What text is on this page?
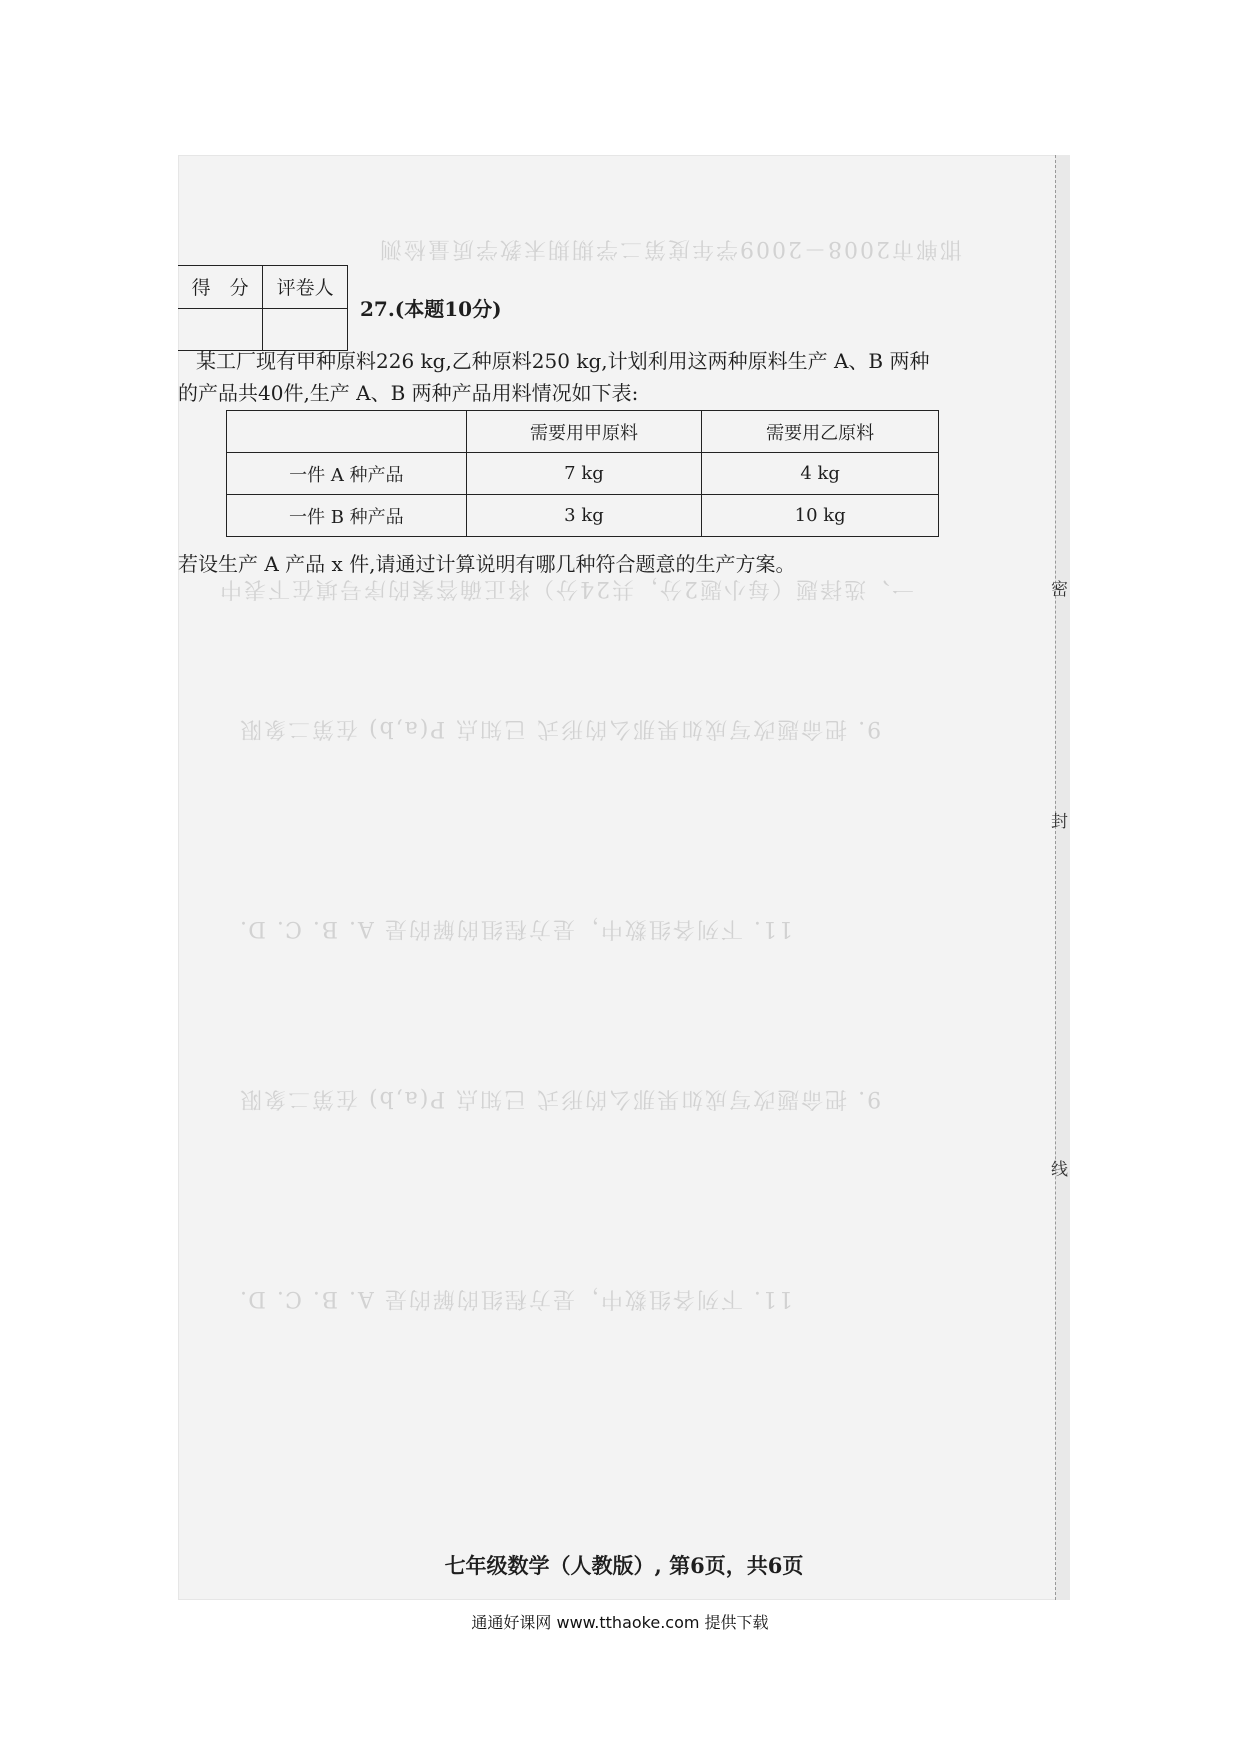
邯郸市2008－2009学年度第二学期期末教学质量检测
一、选择题（每小题2分，共24分）将正确答案的序号填在下表中
9. 把命题改写成如果那么的形式 已知点 P(a,b) 在第二象限
11. 下列各组数中，是方程组的解的是 A. B. C. D.
9. 把命题改写成如果那么的形式 已知点 P(a,b) 在第二象限
11. 下列各组数中，是方程组的解的是 A. B. C. D.
密
封
线
得　分	评卷人

27.(本题10分)
某工厂现有甲种原料226 kg,乙种原料250 kg,计划利用这两种原料生产 A、B 两种
的产品共40件,生产 A、B 两种产品用料情况如下表:
	需要用甲原料	需要用乙原料
一件 A 种产品	7 kg	4 kg
一件 B 种产品	3 kg	10 kg
若设生产 A 产品 x 件,请通过计算说明有哪几种符合题意的生产方案。
七年级数学（人教版）, 第6页，共6页
通通好课网 www.tthaoke.com 提供下载
